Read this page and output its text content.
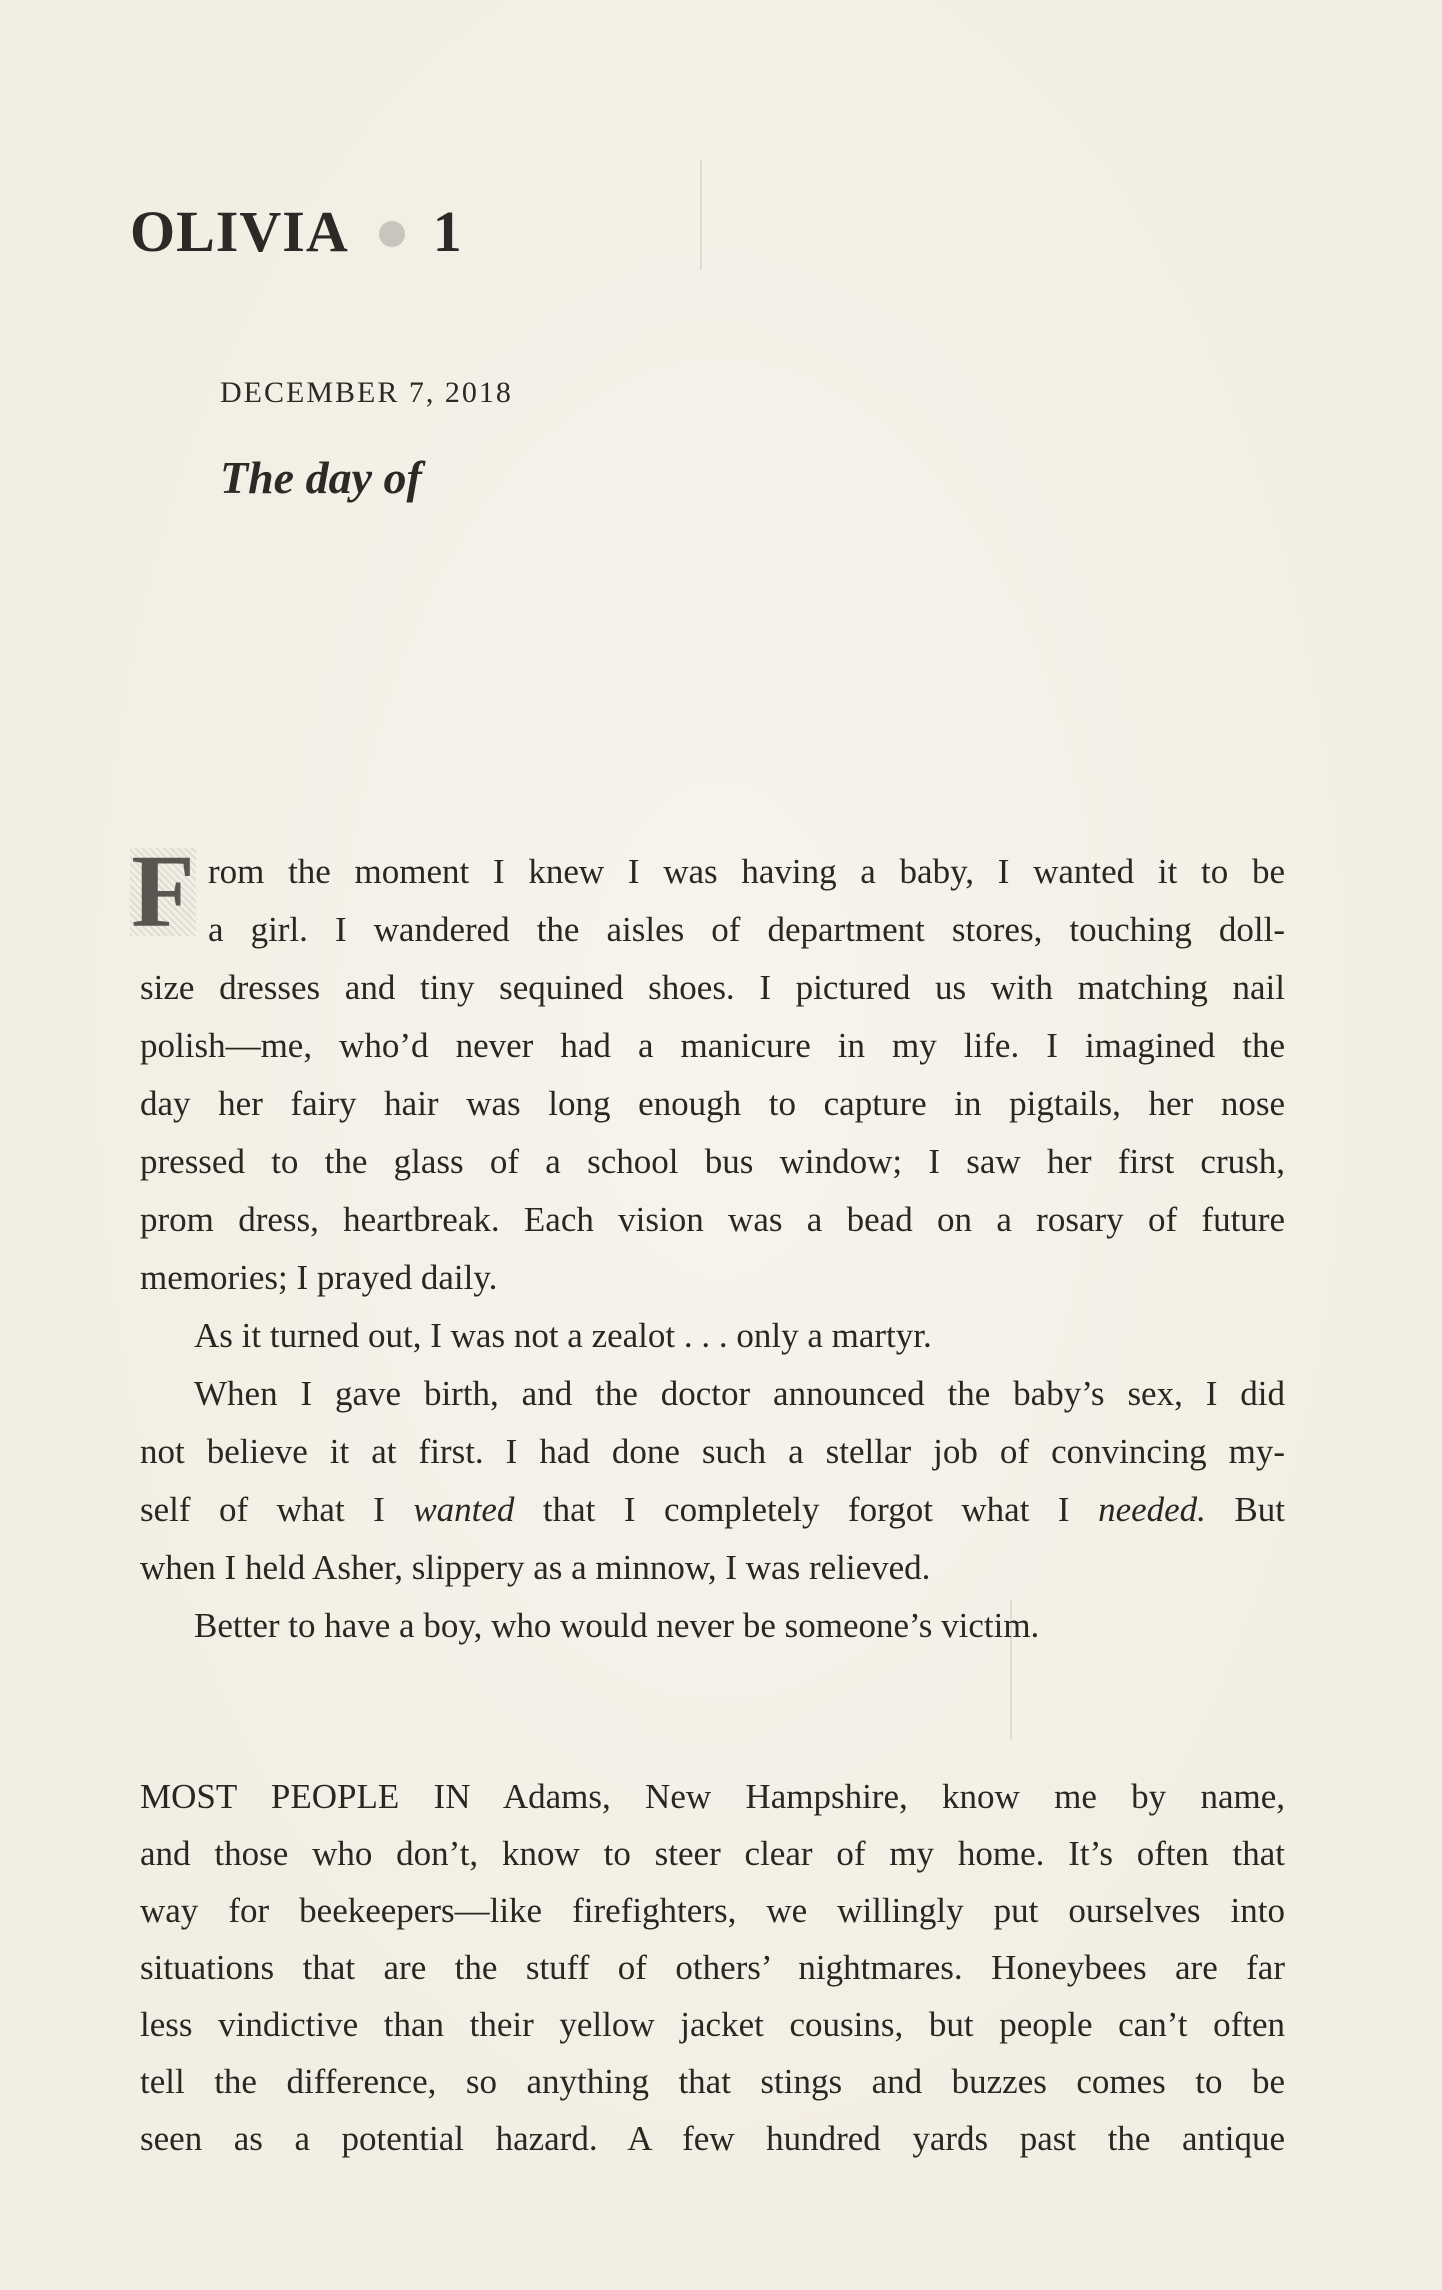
OLIVIA 1
DECEMBER 7, 2018
The day of
F rom the moment I knew I was having a baby, I wanted it to be
a girl. I wandered the aisles of department stores, touching doll-
size dresses and tiny sequined shoes. I pictured us with matching nail
polish—me, who’d never had a manicure in my life. I imagined the
day her fairy hair was long enough to capture in pigtails, her nose
pressed to the glass of a school bus window; I saw her first crush,
prom dress, heartbreak. Each vision was a bead on a rosary of future
memories; I prayed daily.
As it turned out, I was not a zealot . . . only a martyr.
When I gave birth, and the doctor announced the baby’s sex, I did
not believe it at first. I had done such a stellar job of convincing my-
self of what I wanted that I completely forgot what I needed. But
when I held Asher, slippery as a minnow, I was relieved.
Better to have a boy, who would never be someone’s victim.
MOST PEOPLE IN Adams, New Hampshire, know me by name,
and those who don’t, know to steer clear of my home. It’s often that
way for beekeepers—like firefighters, we willingly put ourselves into
situations that are the stuff of others’ nightmares. Honeybees are far
less vindictive than their yellow jacket cousins, but people can’t often
tell the difference, so anything that stings and buzzes comes to be
seen as a potential hazard. A few hundred yards past the antique
